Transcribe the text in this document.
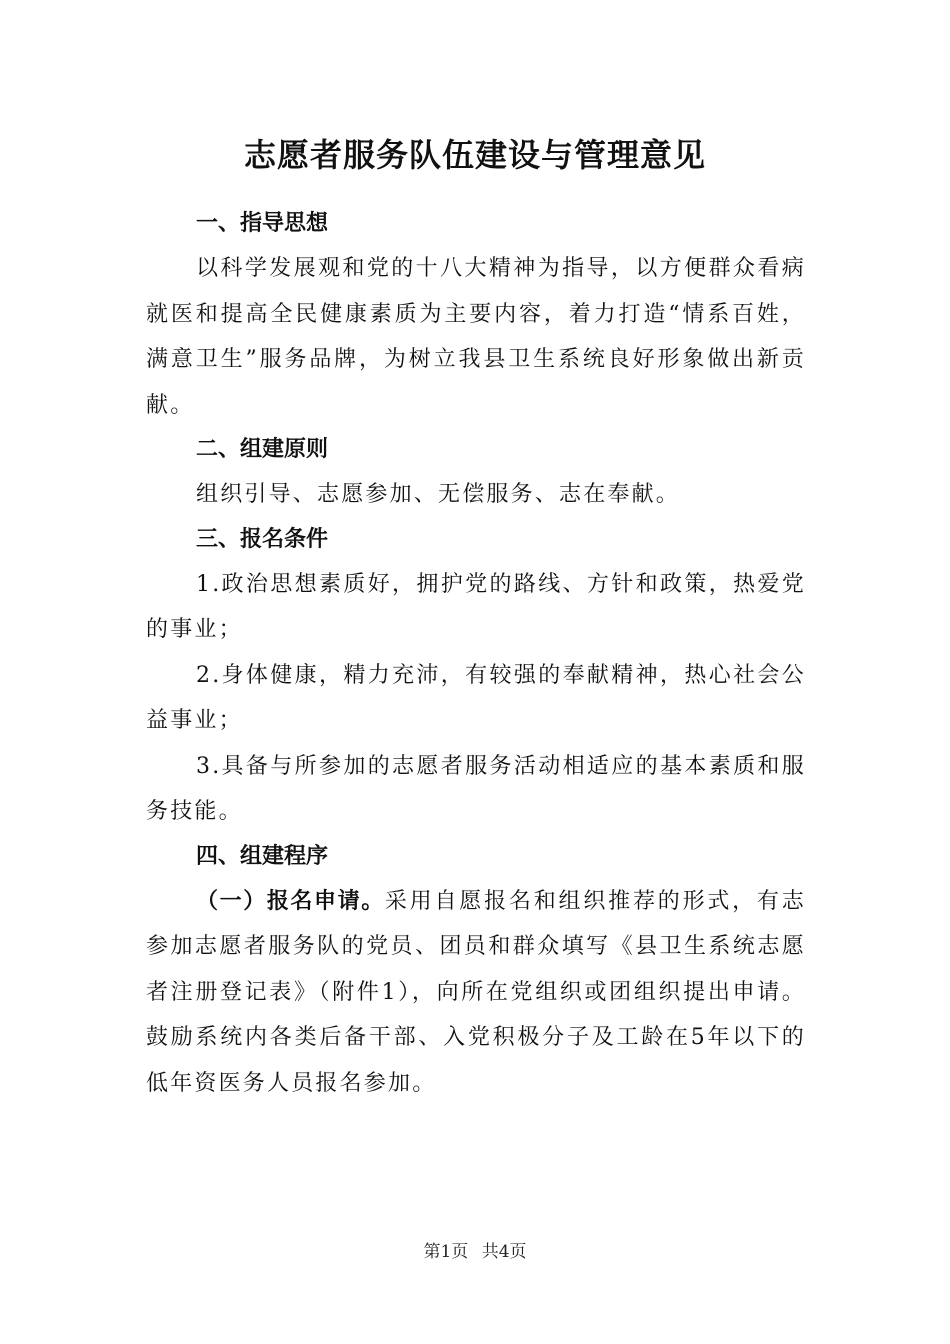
志愿者服务队伍建设与管理意见
一、指导思想

以科学发展观和党的十八大精神为指导，以方便群众看病就医和提高全民健康素质为主要内容，着力打造“情系百姓，满意卫生”服务品牌，为树立我县卫生系统良好形象做出新贡献。

二、组建原则

组织引导、志愿参加、无偿服务、志在奉献。

三、报名条件

1.政治思想素质好，拥护党的路线、方针和政策，热爱党的事业；

2.身体健康，精力充沛，有较强的奉献精神，热心社会公益事业；

3.具备与所参加的志愿者服务活动相适应的基本素质和服务技能。

四、组建程序

（一）报名申请。采用自愿报名和组织推荐的形式，有志参加志愿者服务队的党员、团员和群众填写《县卫生系统志愿者注册登记表》（附件1），向所在党组织或团组织提出申请。鼓励系统内各类后备干部、入党积极分子及工龄在5年以下的低年资医务人员报名参加。

第1页 共4页
